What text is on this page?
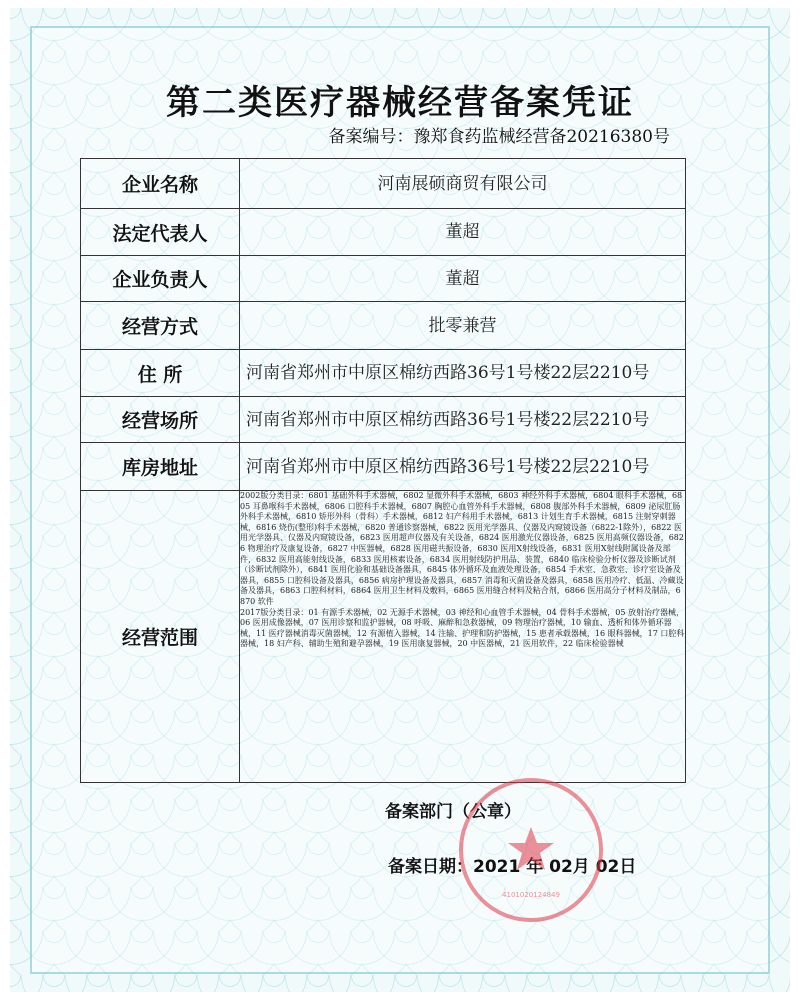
第二类医疗器械经营备案凭证
备案编号：豫郑食药监械经营备20216380号
企业名称	河南展硕商贸有限公司
法定代表人	董超
企业负责人	董超
经营方式	批零兼营
住 所	河南省郑州市中原区棉纺西路36号1号楼22层2210号
经营场所	河南省郑州市中原区棉纺西路36号1号楼22层2210号
库房地址	河南省郑州市中原区棉纺西路36号1号楼22层2210号
经营范围	2002版分类目录：6801 基础外科手术器械，6802 显微外科手术器械，6803 神经外科手术器械，6804 眼科手术器械，6805 耳鼻喉科手术器械，6806 口腔科手术器械，6807 胸腔心血管外科手术器械，6808 腹部外科手术器械，6809 泌尿肛肠外科手术器械，6810 矫形外科（骨科）手术器械，6812 妇产科用手术器械，6813 计划生育手术器械，6815 注射穿刺器械，6816 烧伤(整形)科手术器械，6820 普通诊察器械，6822 医用光学器具、仪器及内窥镜设备（6822-1除外），6822 医用光学器具、仪器及内窥镜设备，6823 医用超声仪器及有关设备，6824 医用激光仪器设备，6825 医用高频仪器设备，6826 物理治疗及康复设备，6827 中医器械，6828 医用磁共振设备，6830 医用X射线设备，6831 医用X射线附属设备及部件，6832 医用高能射线设备，6833 医用核素设备，6834 医用射线防护用品、装置，6840 临床检验分析仪器及诊断试剂（诊断试剂除外），6841 医用化验和基础设备器具，6845 体外循环及血液处理设备，6854 手术室、急救室、诊疗室设备及器具，6855 口腔科设备及器具，6856 病房护理设备及器具，6857 消毒和灭菌设备及器具，6858 医用冷疗、低温、冷藏设备及器具，6863 口腔科材料，6864 医用卫生材料及敷料，6865 医用缝合材料及粘合剂，6866 医用高分子材料及制品，6870 软件

2017版分类目录：01 有源手术器械，02 无源手术器械，03 神经和心血管手术器械，04 骨科手术器械，05 放射治疗器械，06 医用成像器械，07 医用诊察和监护器械，08 呼吸、麻醉和急救器械，09 物理治疗器械，10 输血、透析和体外循环器械，11 医疗器械消毒灭菌器械，12 有源植入器械，14 注输、护理和防护器械，15 患者承载器械，16 眼科器械，17 口腔科器械，18 妇产科、辅助生殖和避孕器械，19 医用康复器械，20 中医器械，21 医用软件，22 临床检验器械

备案部门（公章）
备案日期：2021 年 02月 02日
4101020124849
